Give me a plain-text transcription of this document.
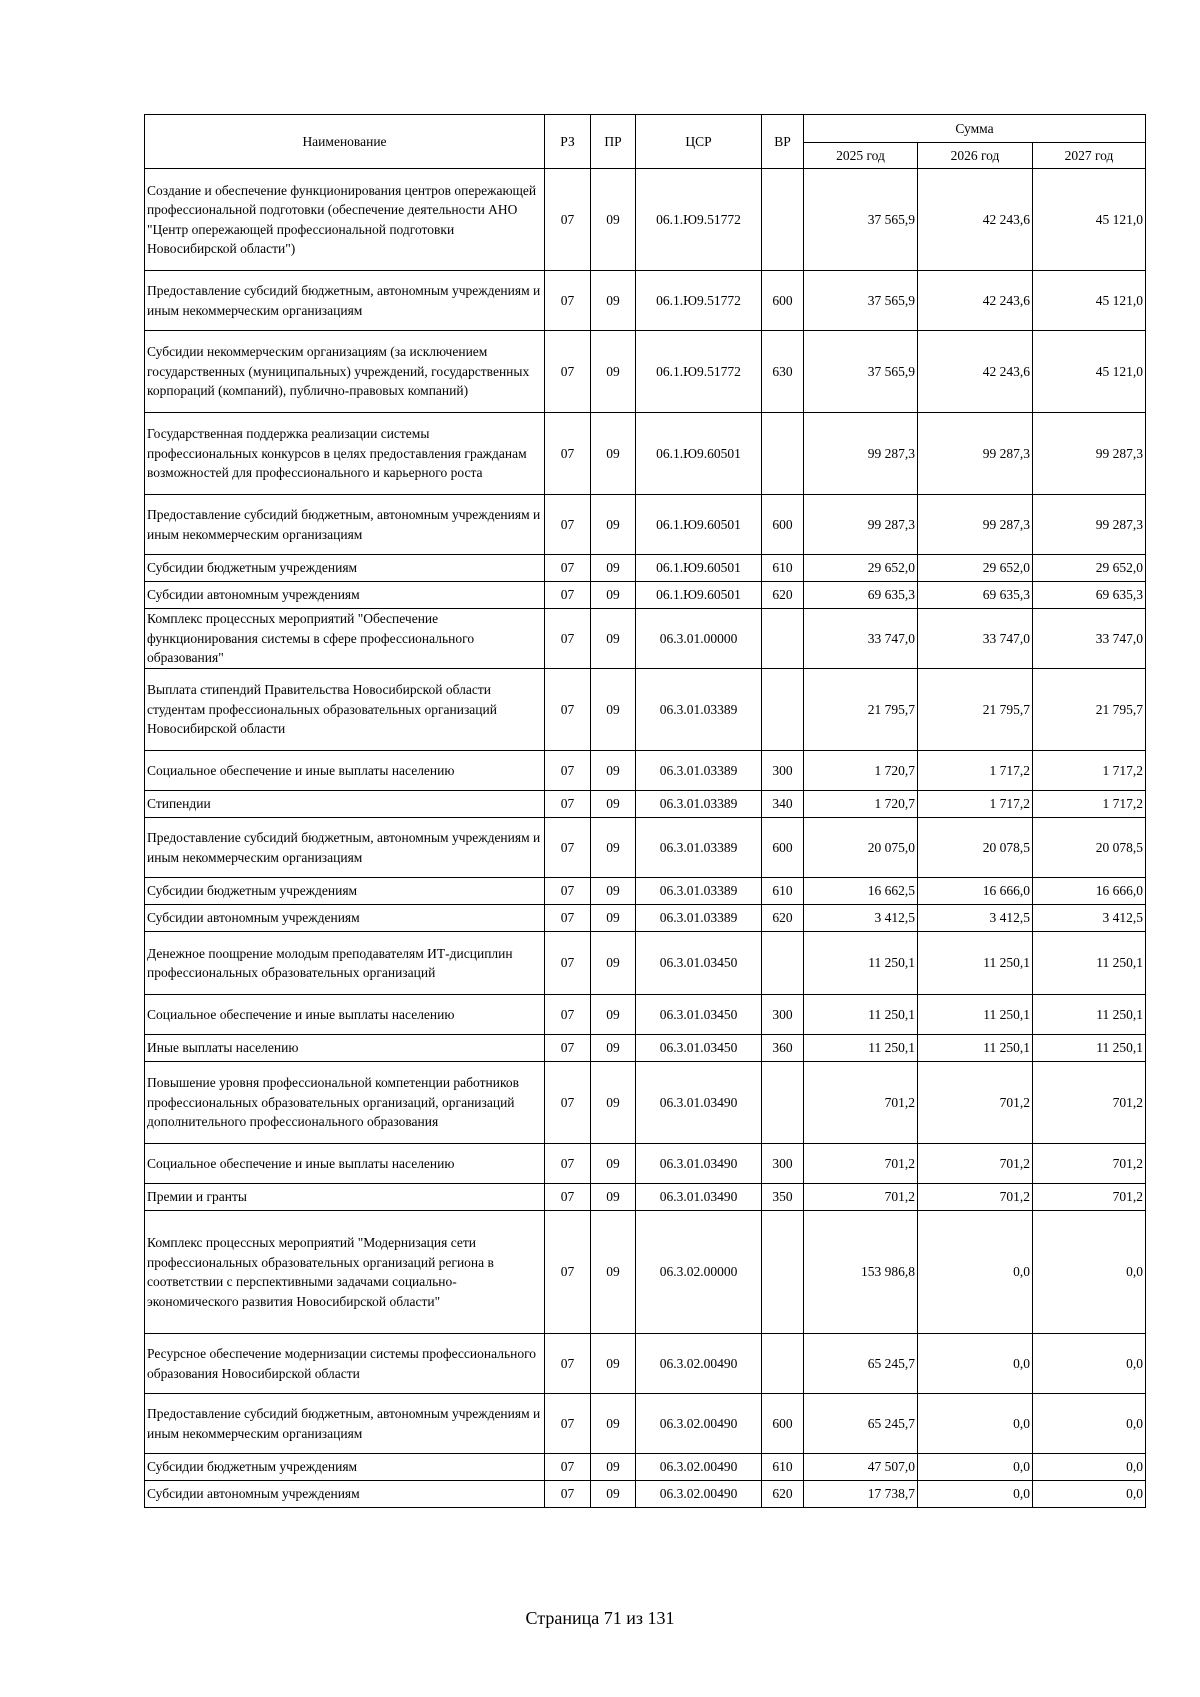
Наименование	РЗ	ПР	ЦСР	ВР	Сумма		
					2025 год	2026 год	2027 год
Создание и обеспечение функционирования центров опережающей профессиональной подготовки (обеспечение деятельности АНО "Центр опережающей профессиональной подготовки Новосибирской области")	07	09	06.1.Ю9.51772		37 565,9	42 243,6	45 121,0
Предоставление субсидий бюджетным, автономным учреждениям и иным некоммерческим организациям	07	09	06.1.Ю9.51772	600	37 565,9	42 243,6	45 121,0
Субсидии некоммерческим организациям (за исключением государственных (муниципальных) учреждений, государственных корпораций (компаний), публично-правовых компаний)	07	09	06.1.Ю9.51772	630	37 565,9	42 243,6	45 121,0
Государственная поддержка реализации системы профессиональных конкурсов в целях предоставления гражданам возможностей для профессионального и карьерного роста	07	09	06.1.Ю9.60501		99 287,3	99 287,3	99 287,3
Предоставление субсидий бюджетным, автономным учреждениям и иным некоммерческим организациям	07	09	06.1.Ю9.60501	600	99 287,3	99 287,3	99 287,3
Субсидии бюджетным учреждениям	07	09	06.1.Ю9.60501	610	29 652,0	29 652,0	29 652,0
Субсидии автономным учреждениям	07	09	06.1.Ю9.60501	620	69 635,3	69 635,3	69 635,3
Комплекс процессных мероприятий "Обеспечение функционирования системы в сфере профессионального образования"	07	09	06.3.01.00000		33 747,0	33 747,0	33 747,0
Выплата стипендий Правительства Новосибирской области студентам профессиональных образовательных организаций Новосибирской области	07	09	06.3.01.03389		21 795,7	21 795,7	21 795,7
Социальное обеспечение и иные выплаты населению	07	09	06.3.01.03389	300	1 720,7	1 717,2	1 717,2
Стипендии	07	09	06.3.01.03389	340	1 720,7	1 717,2	1 717,2
Предоставление субсидий бюджетным, автономным учреждениям и иным некоммерческим организациям	07	09	06.3.01.03389	600	20 075,0	20 078,5	20 078,5
Субсидии бюджетным учреждениям	07	09	06.3.01.03389	610	16 662,5	16 666,0	16 666,0
Субсидии автономным учреждениям	07	09	06.3.01.03389	620	3 412,5	3 412,5	3 412,5
Денежное поощрение молодым преподавателям ИТ-дисциплин профессиональных образовательных организаций	07	09	06.3.01.03450		11 250,1	11 250,1	11 250,1
Социальное обеспечение и иные выплаты населению	07	09	06.3.01.03450	300	11 250,1	11 250,1	11 250,1
Иные выплаты населению	07	09	06.3.01.03450	360	11 250,1	11 250,1	11 250,1
Повышение уровня профессиональной компетенции работников профессиональных образовательных организаций, организаций дополнительного профессионального образования	07	09	06.3.01.03490		701,2	701,2	701,2
Социальное обеспечение и иные выплаты населению	07	09	06.3.01.03490	300	701,2	701,2	701,2
Премии и гранты	07	09	06.3.01.03490	350	701,2	701,2	701,2
Комплекс процессных мероприятий "Модернизация сети профессиональных образовательных организаций региона в соответствии с перспективными задачами социально-экономического развития Новосибирской области"	07	09	06.3.02.00000		153 986,8	0,0	0,0
Ресурсное обеспечение модернизации системы профессионального образования Новосибирской области	07	09	06.3.02.00490		65 245,7	0,0	0,0
Предоставление субсидий бюджетным, автономным учреждениям и иным некоммерческим организациям	07	09	06.3.02.00490	600	65 245,7	0,0	0,0
Субсидии бюджетным учреждениям	07	09	06.3.02.00490	610	47 507,0	0,0	0,0
Субсидии автономным учреждениям	07	09	06.3.02.00490	620	17 738,7	0,0	0,0
Страница 71 из 131
